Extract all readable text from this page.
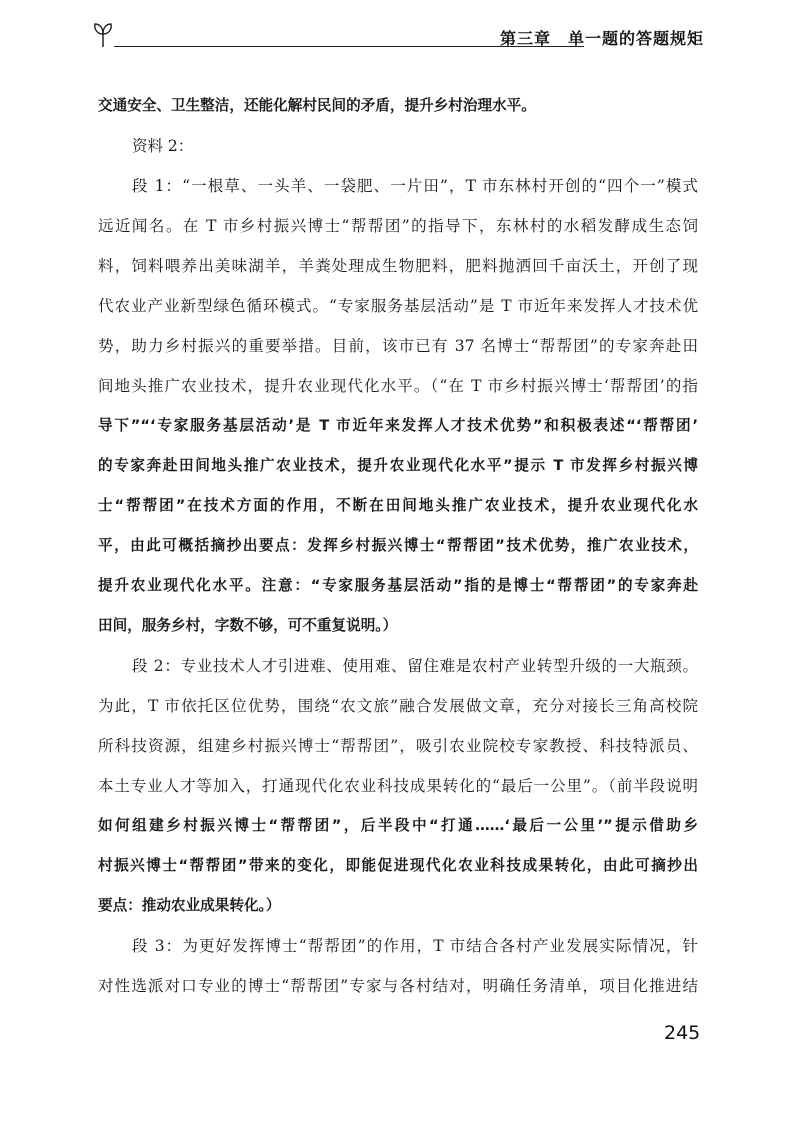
第三章　单一题的答题规矩
交通安全、卫生整洁，还能化解村民间的矛盾，提升乡村治理水平。
资料 2：
段 1：“一根草、一头羊、一袋肥、一片田”，T 市东林村开创的“四个一”模式
远近闻名。在 T 市乡村振兴博士“帮帮团”的指导下，东林村的水稻发酵成生态饲
料，饲料喂养出美味湖羊，羊粪处理成生物肥料，肥料抛洒回千亩沃土，开创了现
代农业产业新型绿色循环模式。“专家服务基层活动”是 T 市近年来发挥人才技术优
势，助力乡村振兴的重要举措。目前，该市已有 37 名博士“帮帮团”的专家奔赴田
间地头推广农业技术，提升农业现代化水平。（“在 T 市乡村振兴博士‘帮帮团’的指
导下”“‘专家服务基层活动’是 T 市近年来发挥人才技术优势”和积极表述“‘帮帮团’
的专家奔赴田间地头推广农业技术，提升农业现代化水平”提示 T 市发挥乡村振兴博
士“帮帮团”在技术方面的作用，不断在田间地头推广农业技术，提升农业现代化水
平，由此可概括摘抄出要点：发挥乡村振兴博士“帮帮团”技术优势，推广农业技术，
提升农业现代化水平。注意：“专家服务基层活动”指的是博士“帮帮团”的专家奔赴
田间，服务乡村，字数不够，可不重复说明。）
段 2：专业技术人才引进难、使用难、留住难是农村产业转型升级的一大瓶颈。
为此，T 市依托区位优势，围绕“农文旅”融合发展做文章，充分对接长三角高校院
所科技资源，组建乡村振兴博士“帮帮团”，吸引农业院校专家教授、科技特派员、
本土专业人才等加入，打通现代化农业科技成果转化的“最后一公里”。（前半段说明
如何组建乡村振兴博士“帮帮团”，后半段中“打通……‘最后一公里’”提示借助乡
村振兴博士“帮帮团”带来的变化，即能促进现代化农业科技成果转化，由此可摘抄出
要点：推动农业成果转化。）
段 3：为更好发挥博士“帮帮团”的作用，T 市结合各村产业发展实际情况，针
对性选派对口专业的博士“帮帮团”专家与各村结对，明确任务清单，项目化推进结
245
